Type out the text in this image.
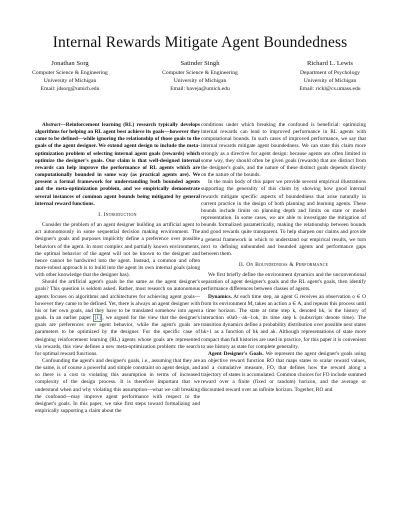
Internal Rewards Mitigate Agent Boundedness
Jonathan Sorg
Computer Science & Engineering
University of Michigan
Email: jdsorg@umich.edu
Satinder Singh
Computer Science & Engineering
University of Michigan
Email: baveja@umich.edu
Richard L. Lewis
Department of Psychology
University of Michigan
Email: rickl@cs.umass.edu

Abstract—Reinforcement learning (RL) research typically develops algorithms for helping an RL agent best achieve its goals—however they came to be defined—while ignoring the relationship of those goals to the goals of the agent designer. We extend agent design to include the meta-optimization problem of selecting internal agent goals (rewards) which optimize the designer's goals. Our claim is that well-designed internal rewards can help improve the performance of RL agents which are computationally bounded in some way (as practical agents are). We present a formal framework for understanding both bounded agents and the meta-optimization problem, and we empirically demonstrate several instances of common agent bounds being mitigated by general internal reward functions.

I. Introduction

Consider the problem of an agent designer building an artificial agent to act autonomously in some sequential decision making environment. The designer's goals and purposes implicitly define a preference over possible behaviors of the agent. In most complex and partially known environments, the optimal behavior of the agent will not be known to the designer and hence cannot be hardwired into the agent. Instead, a common and often more-robust approach is to build into the agent its own internal goals (along with other knowledge that the designer has).

Should the artificial agent's goals be the same as the agent designer's goals? This question is seldom asked. Rather, most research on autonomous agents focuses on algorithms and architectures for achieving agent goals—however they came to be defined. Yet, there is always an agent designer with his or her own goals, and they have to be translated somehow into agent goals. In an earlier paper [1] , we argued for the view that the designer's goals are preferences over agent behavior, while the agent's goals are parameters to be optimized by the designer. For the specific case of designing reinforcement learning (RL) agents whose goals are represented via rewards, this view defines a new meta-optimization problem: the search for optimal reward functions.

Confounding the agent's and designer's goals, i.e., assuming that they are the same, is of course a powerful and simple constraint on agent design, and so there is a cost to violating this assumption in terms of increased complexity of the design process. It is therefore important that we understand when and why violating this assumption—what we call breaking the confound—may improve agent performance with respect to the designer's goals. In this paper, we take first steps toward formalizing and empirically supporting a claim about the

conditions under which breaking the confound is beneficial: optimizing internal rewards can lead to improved performance in RL agents with computational bounds. In such cases of improved performance, we say that internal rewards mitigate agent boundedness. We can state this claim more strongly as a directive for agent design: because agents are often limited in some way, they should often be given goals (rewards) that are distinct from the designer's goals, and the nature of these distinct goals depends directly on the nature of the bounds.

In the main body of this paper we provide several empirical illustrations supporting the generality of this claim by showing how good internal rewards mitigate specific aspects of boundedness that arise naturally in current practice in the design of both planning and learning agents. These bounds include limits on planning depth and limits on state or model representation. In some cases, we are able to investigate the mitigation of bounds formalized parametrically, making the relationship between bounds and good rewards quite transparent. To help sharpen our claims and provide a general framework in which to understand our empirical results, we turn next to defining unbounded and bounded agents and performance gaps between them.

II. On Boundedness & Performance

We first briefly define the environment dynamics and the unconventional separation of agent designer's goals and the RL agent's goals, then identify performance differences between classes of agents.

Dynamics. At each time step, an agent G receives an observation o ∈ O from its environment M, takes an action a ∈ A, and repeats this process until a time horizon. The state at time step k, denoted hk, is the history of interaction o0a0···ak−1ok, its time step k (subscripts denote time). The transition dynamics define a probability distribution over possible next states hk+1 as a function of hk and ak. Although representations of state more compact than full histories are used in practice, for this paper it is convenient to use history as state for complete generality.

Agent Designer's Goals. We represent the agent designer's goals using an objective reward function RO that maps states to scalar reward values, and a cumulative measure, FO, that defines how the reward along a trajectory of states is accumulated. Common choices for FO include summed reward over a finite (fixed or random) horizon, and the average or discounted reward over an infinite horizon. Together, RO and
